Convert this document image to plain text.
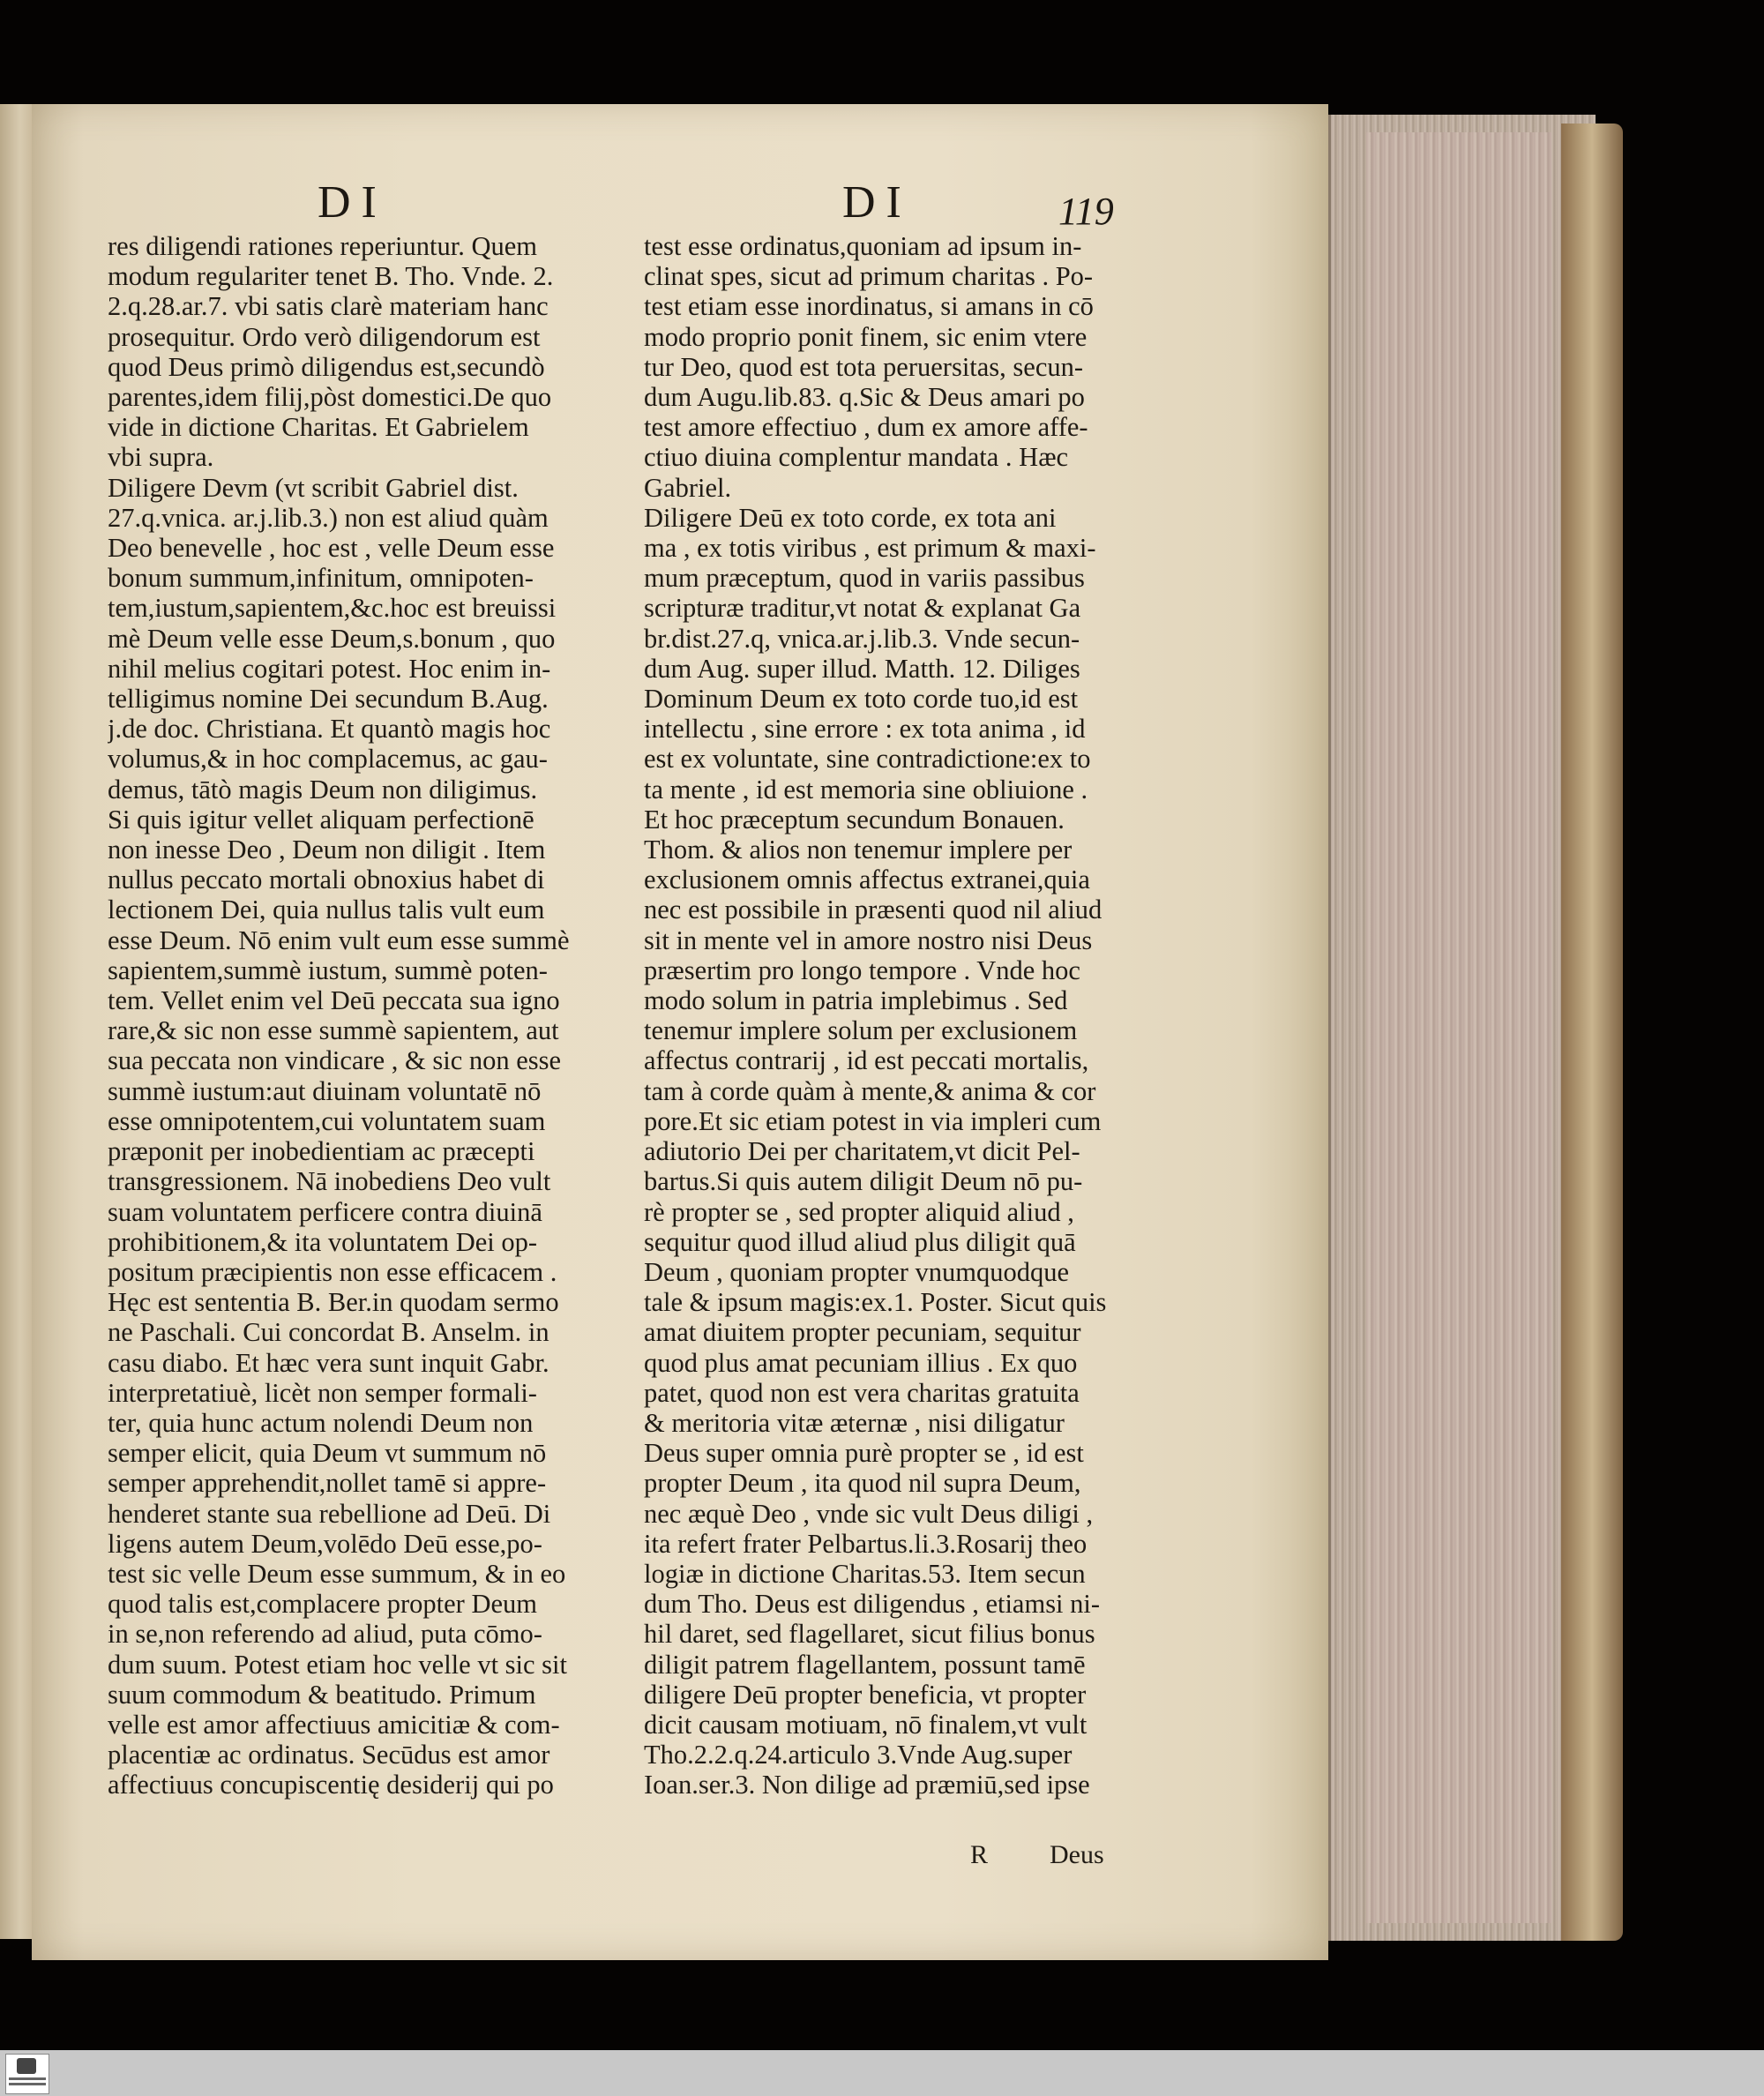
DI	DI	119
res diligendi rationes reperiuntur. Quem
modum regulariter tenet B. Tho. Vnde. 2.
2.q.28.ar.7. vbi satis clarè materiam hanc
prosequitur. Ordo verò diligendorum est
quod Deus primò diligendus est,secundò
parentes,idem filij,pòst domestici.De quo
vide in dictione Charitas. Et Gabrielem
vbi supra.
Diligere Devm (vt scribit Gabriel dist.
27.q.vnica. ar.j.lib.3.) non est aliud quàm
Deo benevelle , hoc est , velle Deum esse
bonum summum,infinitum, omnipoten-
tem,iustum,sapientem,&c.hoc est breuissi
mè Deum velle esse Deum,s.bonum , quo
nihil melius cogitari potest. Hoc enim in-
telligimus nomine Dei secundum B.Aug.
j.de doc. Christiana. Et quantò magis hoc
volumus,& in hoc complacemus, ac gau-
demus, tātò magis Deum non diligimus.
Si quis igitur vellet aliquam perfectionē
non inesse Deo , Deum non diligit . Item
nullus peccato mortali obnoxius habet di
lectionem Dei, quia nullus talis vult eum
esse Deum. Nō enim vult eum esse summè
sapientem,summè iustum, summè poten-
tem. Vellet enim vel Deū peccata sua igno
rare,& sic non esse summè sapientem, aut
sua peccata non vindicare , & sic non esse
summè iustum:aut diuinam voluntatē nō
esse omnipotentem,cui voluntatem suam
præponit per inobedientiam ac præcepti
transgressionem. Nā inobediens Deo vult
suam voluntatem perficere contra diuinā
prohibitionem,& ita voluntatem Dei op-
positum præcipientis non esse efficacem .
Hęc est sententia B. Ber.in quodam sermo
ne Paschali. Cui concordat B. Anselm. in
casu diabo. Et hæc vera sunt inquit Gabr.
interpretatiuè, licèt non semper formali-
ter, quia hunc actum nolendi Deum non
semper elicit, quia Deum vt summum nō
semper apprehendit,nollet tamē si appre-
henderet stante sua rebellione ad Deū. Di
ligens autem Deum,volēdo Deū esse,po-
test sic velle Deum esse summum, & in eo
quod talis est,complacere propter Deum
in se,non referendo ad aliud, puta cōmo-
dum suum. Potest etiam hoc velle vt sic sit
suum commodum & beatitudo. Primum
velle est amor affectiuus amicitiæ & com-
placentiæ ac ordinatus. Secūdus est amor
affectiuus concupiscentię desiderij qui po
test esse ordinatus,quoniam ad ipsum in-
clinat spes, sicut ad primum charitas . Po-
test etiam esse inordinatus, si amans in cō
modo proprio ponit finem, sic enim vtere
tur Deo, quod est tota peruersitas, secun-
dum Augu.lib.83. q.Sic & Deus amari po
test amore effectiuo , dum ex amore affe-
ctiuo diuina complentur mandata . Hæc
Gabriel.
Diligere Deū ex toto corde, ex tota ani
ma , ex totis viribus , est primum & maxi-
mum præceptum, quod in variis passibus
scripturæ traditur,vt notat & explanat Ga
br.dist.27.q, vnica.ar.j.lib.3. Vnde secun-
dum Aug. super illud. Matth. 12. Diliges
Dominum Deum ex toto corde tuo,id est
intellectu , sine errore : ex tota anima , id
est ex voluntate, sine contradictione:ex to
ta mente , id est memoria sine obliuione .
Et hoc præceptum secundum Bonauen.
Thom. & alios non tenemur implere per
exclusionem omnis affectus extranei,quia
nec est possibile in præsenti quod nil aliud
sit in mente vel in amore nostro nisi Deus
præsertim pro longo tempore . Vnde hoc
modo solum in patria implebimus . Sed
tenemur implere solum per exclusionem
affectus contrarij , id est peccati mortalis,
tam à corde quàm à mente,& anima & cor
pore.Et sic etiam potest in via impleri cum
adiutorio Dei per charitatem,vt dicit Pel-
bartus.Si quis autem diligit Deum nō pu-
rè propter se , sed propter aliquid aliud ,
sequitur quod illud aliud plus diligit quā
Deum , quoniam propter vnumquodque
tale & ipsum magis:ex.1. Poster. Sicut quis
amat diuitem propter pecuniam, sequitur
quod plus amat pecuniam illius . Ex quo
patet, quod non est vera charitas gratuita
& meritoria vitæ æternæ , nisi diligatur
Deus super omnia purè propter se , id est
propter Deum , ita quod nil supra Deum,
nec æquè Deo , vnde sic vult Deus diligi ,
ita refert frater Pelbartus.li.3.Rosarij theo
logiæ in dictione Charitas.53. Item secun
dum Tho. Deus est diligendus , etiamsi ni-
hil daret, sed flagellaret, sicut filius bonus
diligit patrem flagellantem, possunt tamē
diligere Deū propter beneficia, vt propter
dicit causam motiuam, nō finalem,vt vult
Tho.2.2.q.24.articulo 3.Vnde Aug.super
Ioan.ser.3. Non dilige ad præmiū,sed ipse
R Deus
